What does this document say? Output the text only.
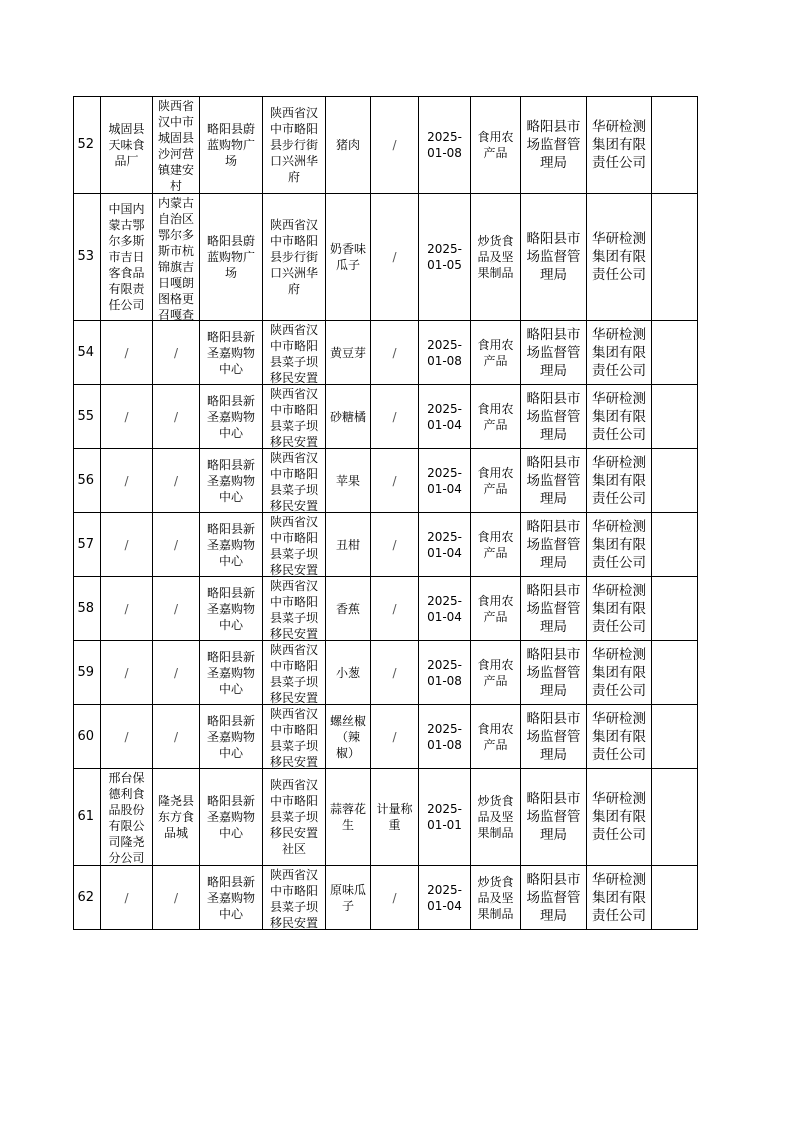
52	城固县天味食品厂	陕西省汉中市城固县沙河营镇建安村	略阳县蔚蓝购物广场	陕西省汉中市略阳县步行街口兴洲华府	猪肉	/	2025-01-08	食用农产品	略阳县市场监督管理局	华研检测集团有限责任公司	

53	中国内蒙古鄂尔多斯市吉日客食品有限责任公司	内蒙古自治区鄂尔多斯市杭锦旗吉日嘎朗图格更召嘎查	略阳县蔚蓝购物广场	陕西省汉中市略阳县步行街口兴洲华府	奶香味瓜子	/	2025-01-05	炒货食品及坚果制品	略阳县市场监督管理局	华研检测集团有限责任公司	

54	/	/	略阳县新圣嘉购物中心	陕西省汉中市略阳县菜子坝移民安置	黄豆芽	/	2025-01-08	食用农产品	略阳县市场监督管理局	华研检测集团有限责任公司	

55	/	/	略阳县新圣嘉购物中心	陕西省汉中市略阳县菜子坝移民安置	砂糖橘	/	2025-01-04	食用农产品	略阳县市场监督管理局	华研检测集团有限责任公司	

56	/	/	略阳县新圣嘉购物中心	陕西省汉中市略阳县菜子坝移民安置	苹果	/	2025-01-04	食用农产品	略阳县市场监督管理局	华研检测集团有限责任公司	

57	/	/	略阳县新圣嘉购物中心	陕西省汉中市略阳县菜子坝移民安置	丑柑	/	2025-01-04	食用农产品	略阳县市场监督管理局	华研检测集团有限责任公司	

58	/	/	略阳县新圣嘉购物中心	陕西省汉中市略阳县菜子坝移民安置	香蕉	/	2025-01-04	食用农产品	略阳县市场监督管理局	华研检测集团有限责任公司	

59	/	/	略阳县新圣嘉购物中心	陕西省汉中市略阳县菜子坝移民安置	小葱	/	2025-01-08	食用农产品	略阳县市场监督管理局	华研检测集团有限责任公司	

60	/	/	略阳县新圣嘉购物中心	陕西省汉中市略阳县菜子坝移民安置	螺丝椒（辣椒）	/	2025-01-08	食用农产品	略阳县市场监督管理局	华研检测集团有限责任公司	

61	邢台保德利食品股份有限公司隆尧分公司	隆尧县东方食品城	略阳县新圣嘉购物中心	陕西省汉中市略阳县菜子坝移民安置社区	蒜蓉花生	计量称重	2025-01-01	炒货食品及坚果制品	略阳县市场监督管理局	华研检测集团有限责任公司	

62	/	/	略阳县新圣嘉购物中心	陕西省汉中市略阳县菜子坝移民安置	原味瓜子	/	2025-01-04	炒货食品及坚果制品	略阳县市场监督管理局	华研检测集团有限责任公司	
